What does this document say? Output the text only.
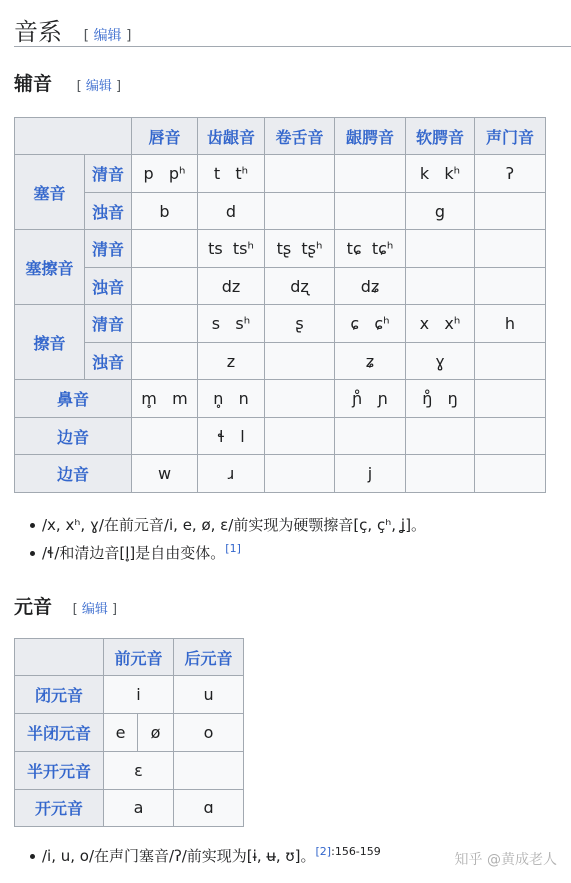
音系 [ 编辑 ]
辅音 [ 编辑 ]
		唇音	齿龈音	卷舌音	龈腭音	软腭音	声门音
塞音	清音	p   pʰ	t   tʰ			k   kʰ	ʔ
	浊音	b	d			g	
塞擦音	清音		ts  tsʰ	tʂ  tʂʰ	tɕ  tɕʰ		
	浊音		dz	dʐ	dʑ		
擦音	清音		s   sʰ	ʂ	ɕ   ɕʰ	x   xʰ	h
	浊音		z		ʑ	ɣ	
鼻音		m̥   m	n̥   n		ɲ̊   ɲ	ŋ̊   ŋ	
边音			ɬ   l				
边音		w	ɹ		j		
/x, xʰ, ɣ/在前元音/i, e, ø, ɛ/前实现为硬颚擦音[ç, çʰ, ʝ]。
/ɬ/和清边音[l̥]是自由变体。[1]
元音 [ 编辑 ]
	前元音		后元音
闭元音	i		u
半闭元音	e	ø	o
半开元音	ɛ		
开元音	a		ɑ
/i, u, o/在声门塞音/ʔ/前实现为[ɨ, ʉ, ʊ]。$^{[2]:156-159}$
知乎 @黄成老人
